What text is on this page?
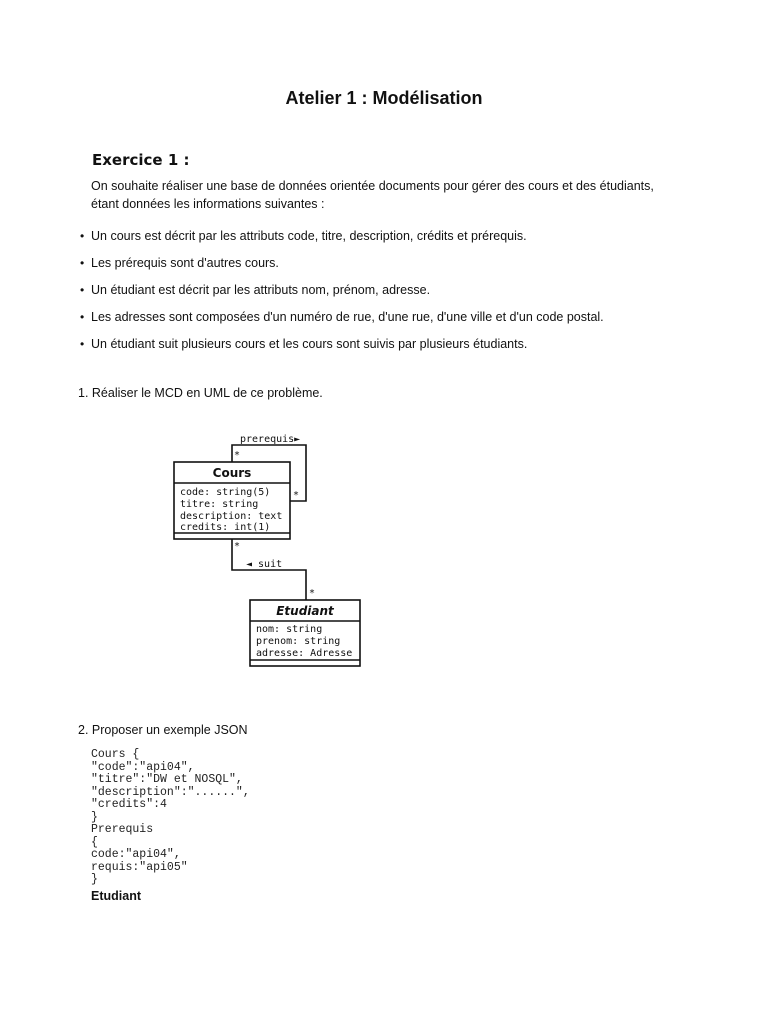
Atelier 1 : Modélisation
Exercice 1 :

On souhaite réaliser une base de données orientée documents pour gérer des cours et des étudiants,

étant données les informations suivantes :

• Un cours est décrit par les attributs code, titre, description, crédits et prérequis.
• Les prérequis sont d'autres cours.
• Un étudiant est décrit par les attributs nom, prénom, adresse.
• Les adresses sont composées d'un numéro de rue, d'une rue, d'une ville et d'un code postal.
• Un étudiant suit plusieurs cours et les cours sont suivis par plusieurs étudiants.
1. Réaliser le MCD en UML de ce problème.
prerequis►
*
*
*
◄ suit
*
Cours
code: string(5)
titre: string
description: text
credits: int(1)
Etudiant
nom: string
prenom: string
adresse: Adresse
2. Proposer un exemple JSON
Cours {
"code":"api04",
"titre":"DW et NOSQL",
"description":"......",
"credits":4
}
Prerequis
{
code:"api04",
requis:"api05"
}
Etudiant
